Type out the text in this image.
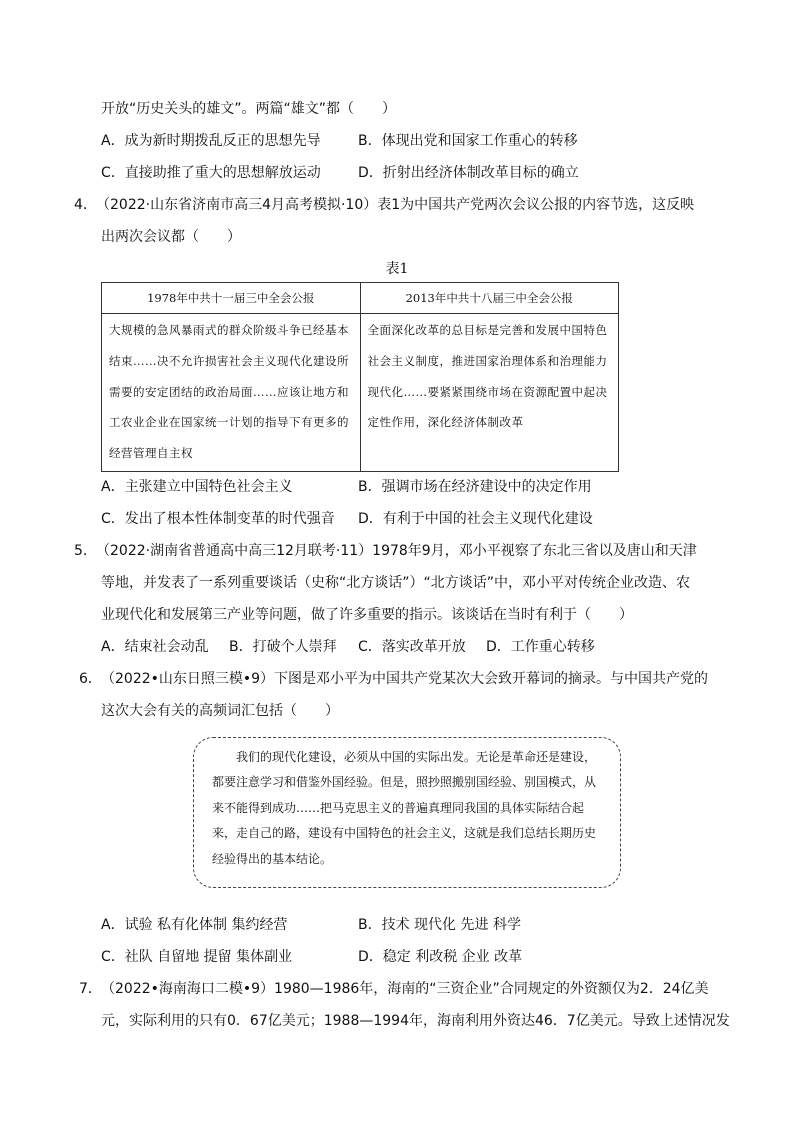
开放“历史关头的雄文”。两篇“雄文”都（　　）
A．成为新时期拨乱反正的思想先导	B．体现出党和国家工作重心的转移
C．直接助推了重大的思想解放运动	D．折射出经济体制改革目标的确立
4． （2022·山东省济南市高三4月高考模拟·10）表1为中国共产党两次会议公报的内容节选，这反映
出两次会议都（　　）
表1
1978年中共十一届三中全会公报	2013年中共十八届三中全会公报
大规模的急风暴雨式的群众阶级斗争已经基本结束……决不允许损害社会主义现代化建设所需要的安定团结的政治局面……应该让地方和工农业企业在国家统一计划的指导下有更多的经营管理自主权	全面深化改革的总目标是完善和发展中国特色社会主义制度，推进国家治理体系和治理能力现代化……要紧紧围绕市场在资源配置中起决定性作用，深化经济体制改革
A．主张建立中国特色社会主义	B．强调市场在经济建设中的决定作用
C．发出了根本性体制变革的时代强音 D．有利于中国的社会主义现代化建设
5． （2022·湖南省普通高中高三12月联考·11）1978年9月，邓小平视察了东北三省以及唐山和天津
等地，并发表了一系列重要谈话（史称“北方谈话”）“北方谈话”中，邓小平对传统企业改造、农
业现代化和发展第三产业等问题，做了许多重要的指示。该谈话在当时有利于（　　）
A．结束社会动乱 B．打破个人崇拜 C．落实改革开放 D．工作重心转移
6． （2022•山东日照三模•9）下图是邓小平为中国共产党某次大会致开幕词的摘录。与中国共产党的
这次大会有关的高频词汇包括（　　）
我们的现代化建设，必须从中国的实际出发。无论是革命还是建设，都要注意学习和借鉴外国经验。但是，照抄照搬别国经验、别国模式，从来不能得到成功……把马克思主义的普遍真理同我国的具体实际结合起来，走自己的路，建设有中国特色的社会主义，这就是我们总结长期历史经验得出的基本结论。
A．试验 私有化体制 集约经营	B．技术 现代化 先进 科学
C．社队 自留地 提留 集体副业	D．稳定 利改税 企业 改革
7． （2022•海南海口二模•9）1980—1986年，海南的“三资企业”合同规定的外资额仅为2．24亿美
元，实际利用的只有0．67亿美元；1988—1994年，海南利用外资达46．7亿美元。导致上述情况发
